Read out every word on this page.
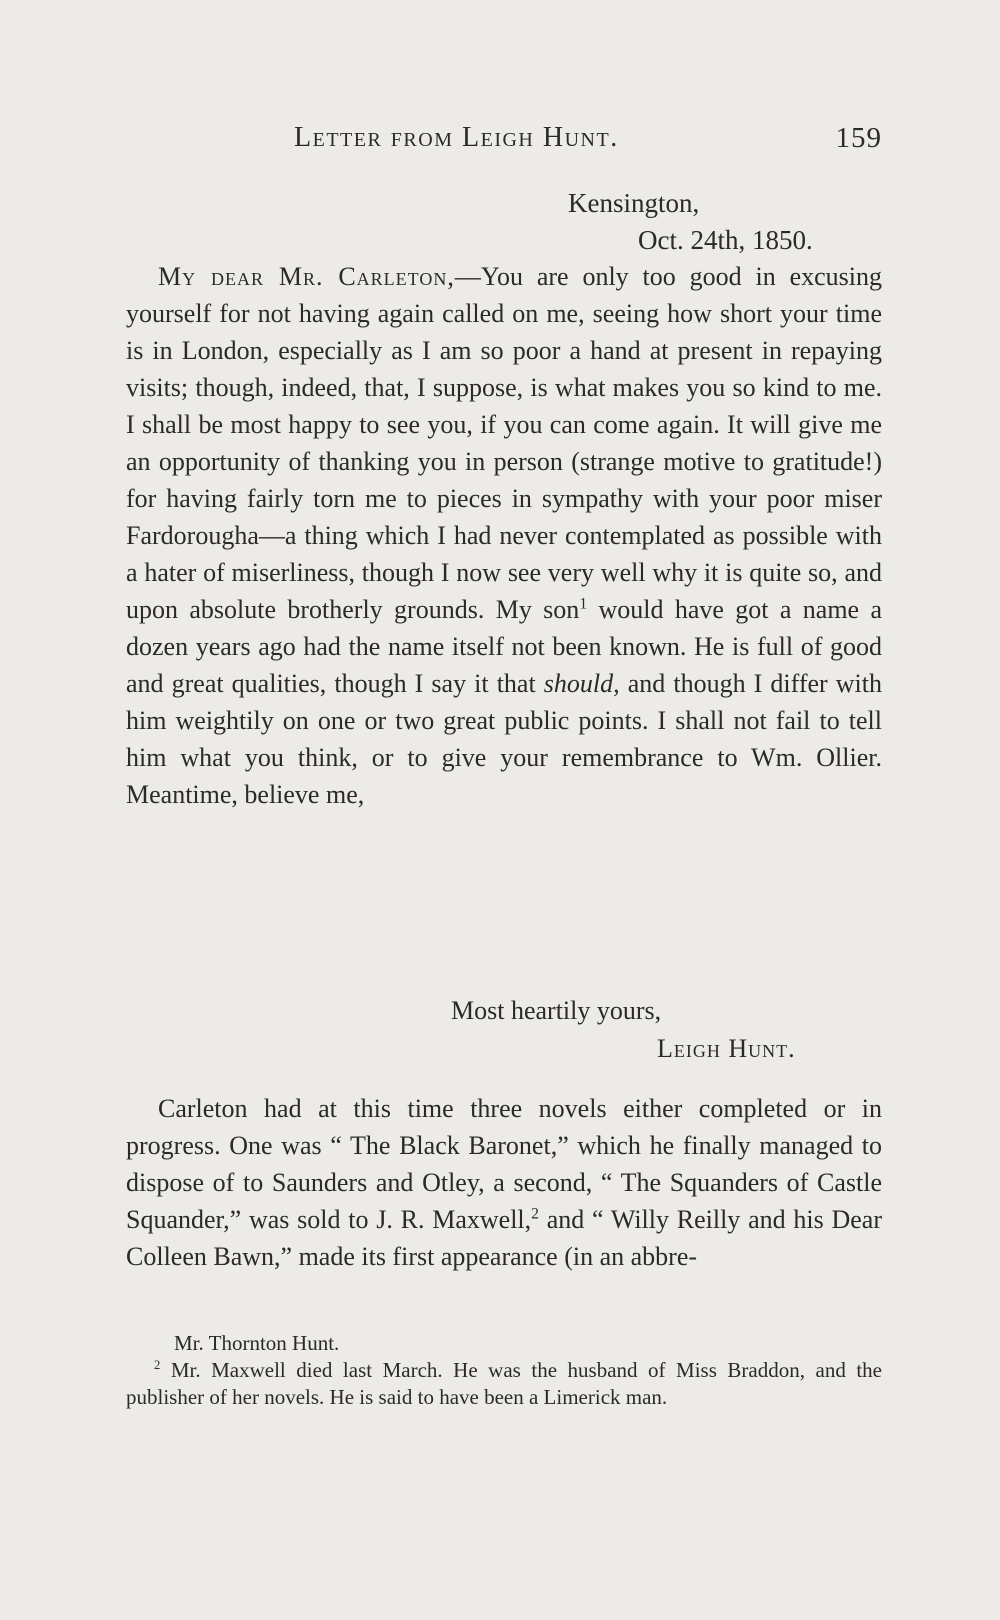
Letter from Leigh Hunt.	159
Kensington,
Oct. 24th, 1850.

My dear Mr. Carleton,—You are only too good in excusing yourself for not having again called on me, seeing how short your time is in London, especially as I am so poor a hand at present in repaying visits; though, indeed, that, I suppose, is what makes you so kind to me. I shall be most happy to see you, if you can come again. It will give me an opportunity of thanking you in person (strange motive to gratitude!) for having fairly torn me to pieces in sympathy with your poor miser Fardorougha—a thing which I had never contemplated as possible with a hater of miserliness, though I now see very well why it is quite so, and upon absolute brotherly grounds. My son$^1$ would have got a name a dozen years ago had the name itself not been known. He is full of good and great qualities, though I say it that should, and though I differ with him weightily on one or two great public points. I shall not fail to tell him what you think, or to give your remembrance to Wm. Ollier. Meantime, believe me,

Most heartily yours,
Leigh Hunt.

Carleton had at this time three novels either completed or in progress. One was “ The Black Baronet,” which he finally managed to dispose of to Saunders and Otley, a second, “ The Squanders of Castle Squander,” was sold to J. R. Maxwell,$^2$ and “ Willy Reilly and his Dear Colleen Bawn,” made its first appearance (in an abbre-

Mr. Thornton Hunt.

$^2$ Mr. Maxwell died last March. He was the husband of Miss Braddon, and the publisher of her novels. He is said to have been a Limerick man.
